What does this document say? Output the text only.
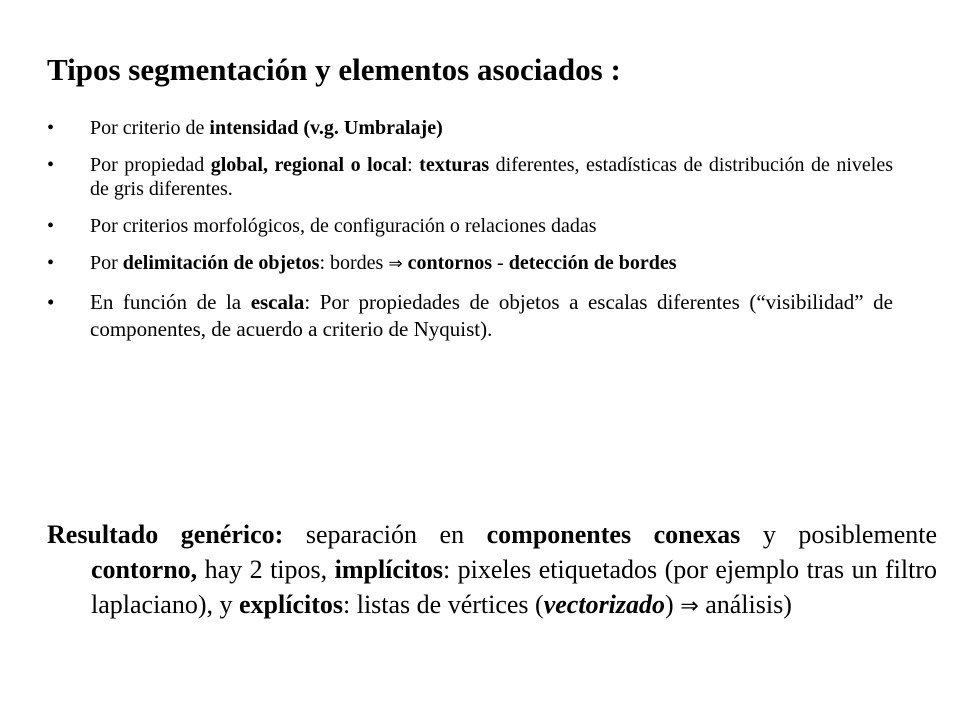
Tipos segmentación y elementos asociados :
•	Por criterio de intensidad (v.g. Umbralaje)
•	Por propiedad global, regional o local: texturas diferentes, estadísticas de distribución de niveles de gris diferentes.
•	Por criterios morfológicos, de configuración o relaciones dadas
•	Por delimitación de objetos: bordes ⇒ contornos - detección de bordes
•	En función de la escala: Por propiedades de objetos a escalas diferentes (“visibilidad” de componentes, de acuerdo a criterio de Nyquist).
Resultado genérico: separación en componentes conexas y posiblemente contorno, hay 2 tipos, implícitos: pixeles etiquetados (por ejemplo tras un filtro laplaciano), y explícitos: listas de vértices (vectorizado) ⇒ análisis)
